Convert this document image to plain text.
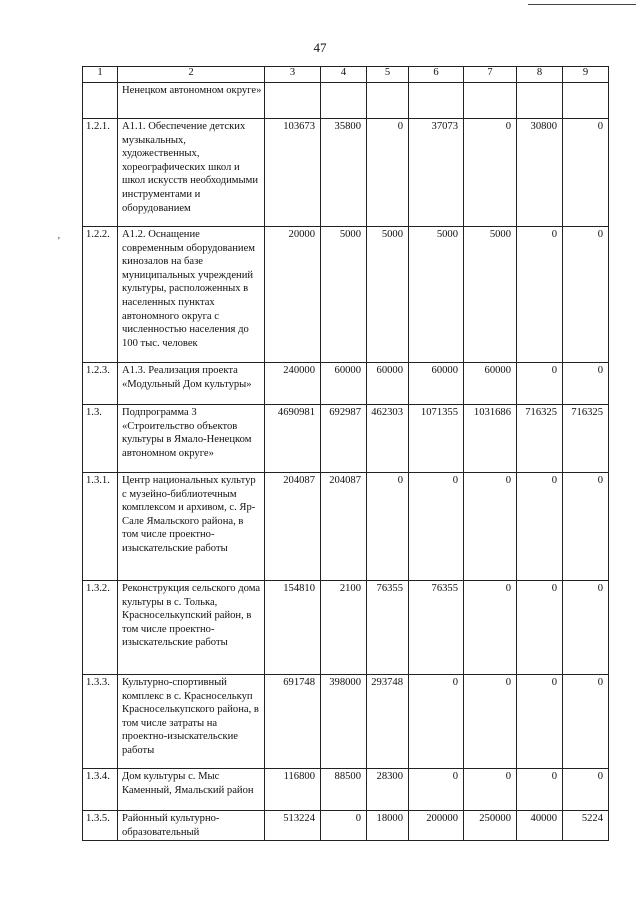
47
'
1	2	3	4	5	6	7	8	9
	Ненецком автономном округе»							
1.2.1.	А1.1. Обеспечение детских музыкальных, художественных, хореографических школ и школ искусств необходимыми инструментами и оборудованием	103673	35800	0	37073	0	30800	0
1.2.2.	А1.2. Оснащение современным оборудованием кинозалов на базе муниципальных учреждений культуры, расположенных в населенных пунктах автономного округа с численностью населения до 100 тыс. человек	20000	5000	5000	5000	5000	0	0
1.2.3.	А1.3. Реализация проекта «Модульный Дом культуры»	240000	60000	60000	60000	60000	0	0
1.3.	Подпрограмма 3 «Строительство объектов культуры в Ямало-Ненецком автономном округе»	4690981	692987	462303	1071355	1031686	716325	716325
1.3.1.	Центр национальных культур с музейно-библиотечным комплексом и архивом, с. Яр-Сале Ямальского района, в том числе проектно-изыскательские работы	204087	204087	0	0	0	0	0
1.3.2.	Реконструкция сельского дома культуры в с. Толька, Красноселькупский район, в том числе проектно-изыскательские работы	154810	2100	76355	76355	0	0	0
1.3.3.	Культурно-спортивный комплекс в с. Красноселькуп Красноселькупского района, в том числе затраты на проектно-изыскательские работы	691748	398000	293748	0	0	0	0
1.3.4.	Дом культуры с. Мыс Каменный, Ямальский район	116800	88500	28300	0	0	0	0
1.3.5.	Районный культурно-образовательный	513224	0	18000	200000	250000	40000	5224
